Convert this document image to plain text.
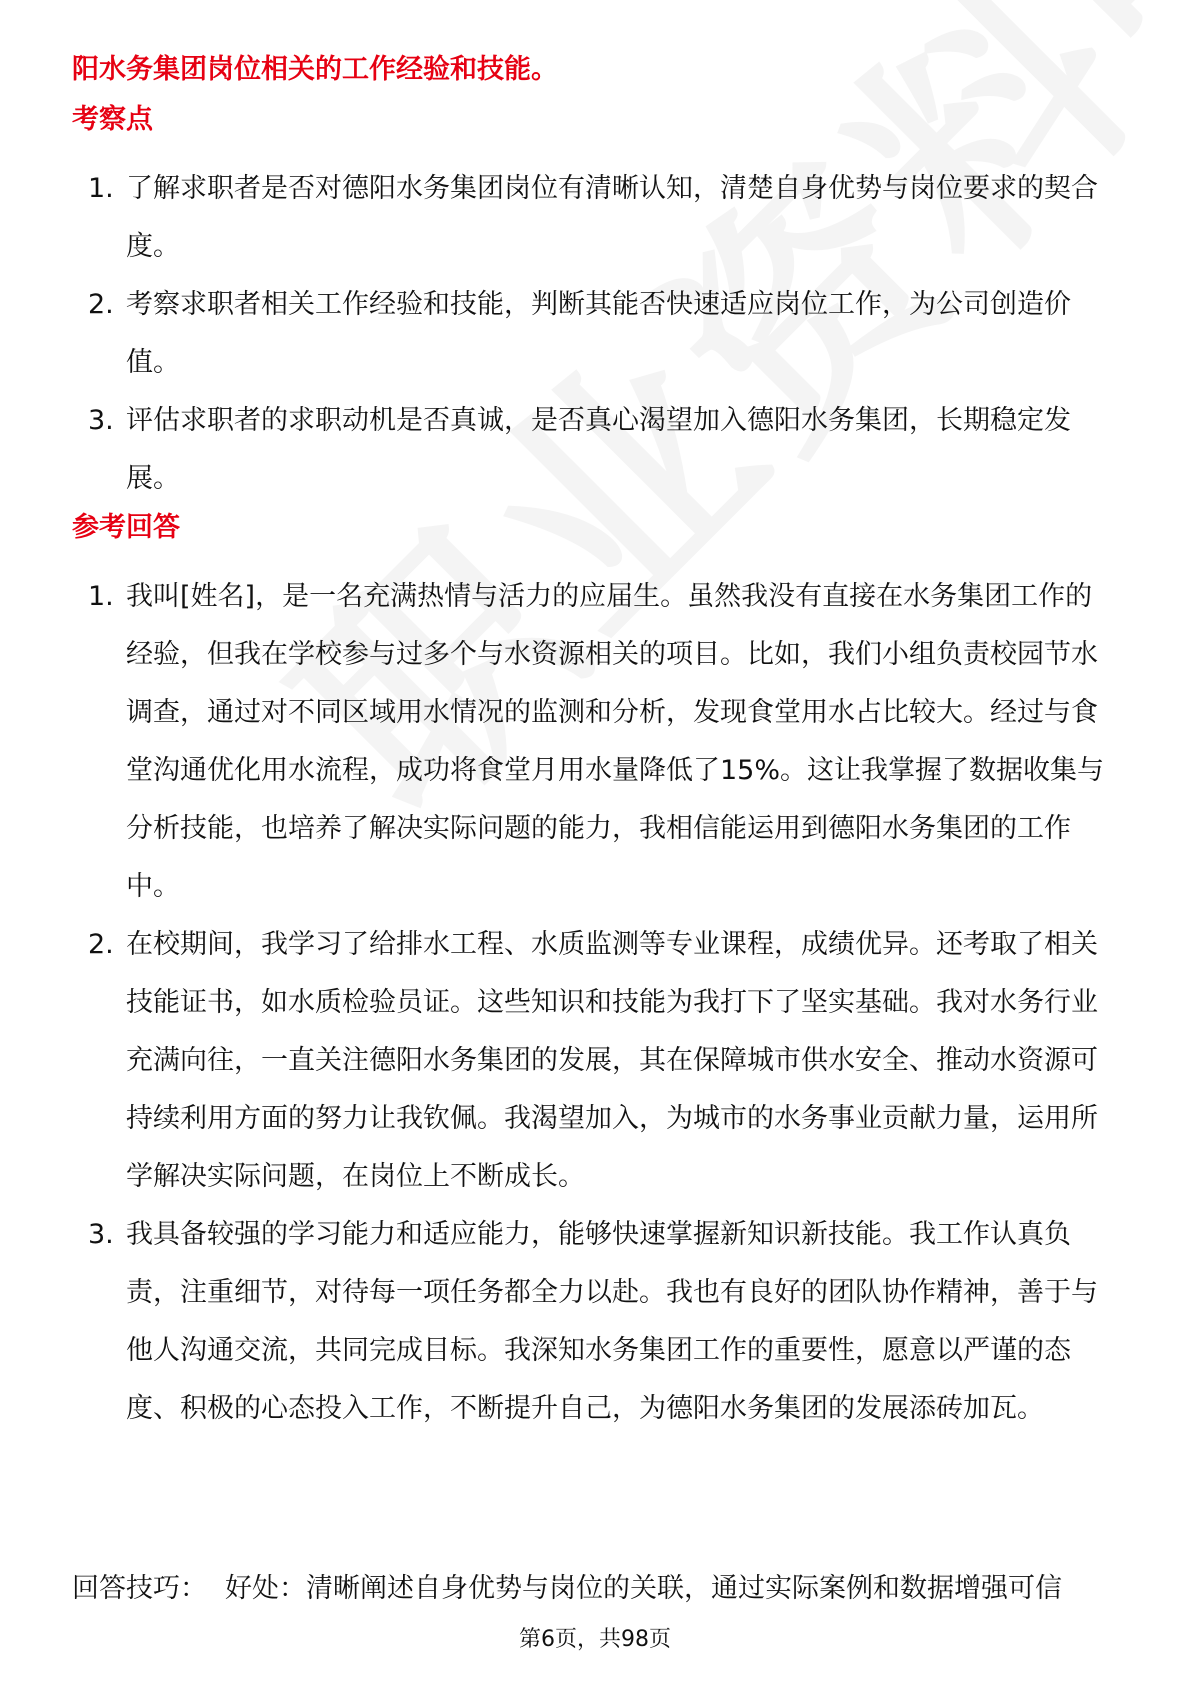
阳水务集团岗位相关的工作经验和技能。
考察点
1. 了解求职者是否对德阳水务集团岗位有清晰认知，清楚自身优势与岗位要求的契合度。
2. 考察求职者相关工作经验和技能，判断其能否快速适应岗位工作，为公司创造价值。
3. 评估求职者的求职动机是否真诚，是否真心渴望加入德阳水务集团，长期稳定发展。
参考回答
1. 我叫[姓名]，是一名充满热情与活力的应届生。虽然我没有直接在水务集团工作的经验，但我在学校参与过多个与水资源相关的项目。比如，我们小组负责校园节水调查，通过对不同区域用水情况的监测和分析，发现食堂用水占比较大。经过与食堂沟通优化用水流程，成功将食堂月用水量降低了15%。这让我掌握了数据收集与分析技能，也培养了解决实际问题的能力，我相信能运用到德阳水务集团的工作中。
2. 在校期间，我学习了给排水工程、水质监测等专业课程，成绩优异。还考取了相关技能证书，如水质检验员证。这些知识和技能为我打下了坚实基础。我对水务行业充满向往，一直关注德阳水务集团的发展，其在保障城市供水安全、推动水资源可持续利用方面的努力让我钦佩。我渴望加入，为城市的水务事业贡献力量，运用所学解决实际问题，在岗位上不断成长。
3. 我具备较强的学习能力和适应能力，能够快速掌握新知识新技能。我工作认真负责，注重细节，对待每一项任务都全力以赴。我也有良好的团队协作精神，善于与他人沟通交流，共同完成目标。我深知水务集团工作的重要性，愿意以严谨的态度、积极的心态投入工作，不断提升自己，为德阳水务集团的发展添砖加瓦。
回答技巧： 好处：清晰阐述自身优势与岗位的关联，通过实际案例和数据增强可信
第6页，共98页
